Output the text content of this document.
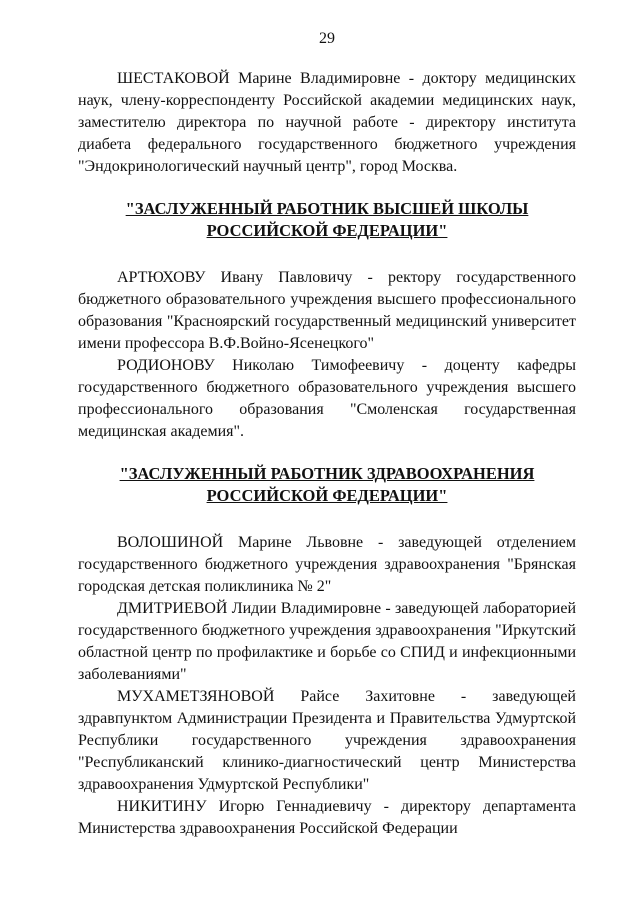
29

ШЕСТАКОВОЙ Марине Владимировне - доктору медицинских наук, члену-корреспонденту Российской академии медицинских наук, заместителю директора по научной работе - директору института диабета федерального государственного бюджетного учреждения "Эндокринологический научный центр", город Москва.

"ЗАСЛУЖЕННЫЙ РАБОТНИК ВЫСШЕЙ ШКОЛЫ
РОССИЙСКОЙ ФЕДЕРАЦИИ"

АРТЮХОВУ Ивану Павловичу - ректору государственного бюджетного образовательного учреждения высшего профессионального образования "Красноярский государственный медицинский университет имени профессора В.Ф.Войно-Ясенецкого"

РОДИОНОВУ Николаю Тимофеевичу - доценту кафедры государственного бюджетного образовательного учреждения высшего профессионального образования "Смоленская государственная медицинская академия".

"ЗАСЛУЖЕННЫЙ РАБОТНИК ЗДРАВООХРАНЕНИЯ
РОССИЙСКОЙ ФЕДЕРАЦИИ"

ВОЛОШИНОЙ Марине Львовне - заведующей отделением государственного бюджетного учреждения здравоохранения "Брянская городская детская поликлиника № 2"

ДМИТРИЕВОЙ Лидии Владимировне - заведующей лабораторией государственного бюджетного учреждения здравоохранения "Иркутский областной центр по профилактике и борьбе со СПИД и инфекционными заболеваниями"

МУХАМЕТЗЯНОВОЙ Райсе Захитовне - заведующей здравпунктом Администрации Президента и Правительства Удмуртской Республики государственного учреждения здравоохранения "Республиканский клинико-диагностический центр Министерства здравоохранения Удмуртской Республики"

НИКИТИНУ Игорю Геннадиевичу - директору департамента Министерства здравоохранения Российской Федерации
